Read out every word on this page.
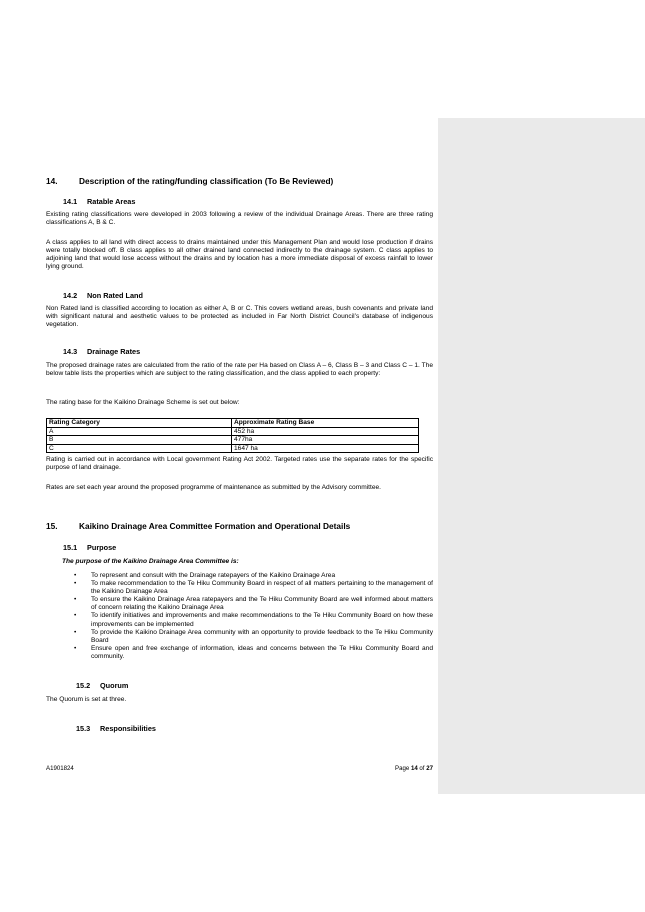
14.	Description of the rating/funding classification (To Be Reviewed)
14.1 Ratable Areas
Existing rating classifications were developed in 2003 following a review of the individual Drainage Areas. There are three rating classifications A, B & C.
A class applies to all land with direct access to drains maintained under this Management Plan and would lose production if drains were totally blocked off. B class applies to all other drained land connected indirectly to the drainage system. C class applies to adjoining land that would lose access without the drains and by location has a more immediate disposal of excess rainfall to lower lying ground.
14.2 Non Rated Land
Non Rated land is classified according to location as either A, B or C. This covers wetland areas, bush covenants and private land with significant natural and aesthetic values to be protected as included in Far North District Council’s database of indigenous vegetation.
14.3 Drainage Rates
The proposed drainage rates are calculated from the ratio of the rate per Ha based on Class A – 6, Class B – 3 and Class C – 1. The below table lists the properties which are subject to the rating classification, and the class applied to each property:
The rating base for the Kaikino Drainage Scheme is set out below:
Rating Category	Approximate Rating Base
A	452 ha
B	477ha
C	1647 ha
Rating is carried out in accordance with Local government Rating Act 2002. Targeted rates use the separate rates for the specific purpose of land drainage.
Rates are set each year around the proposed programme of maintenance as submitted by the Advisory committee.
15.	Kaikino Drainage Area Committee Formation and Operational Details
15.1 Purpose
The purpose of the Kaikino Drainage Area Committee is:
• To represent and consult with the Drainage ratepayers of the Kaikino Drainage Area
• To make recommendation to the Te Hiku Community Board in respect of all matters pertaining to the management of the Kaikino Drainage Area
• To ensure the Kaikino Drainage Area ratepayers and the Te Hiku Community Board are well informed about matters of concern relating the Kaikino Drainage Area
• To identify initiatives and improvements and make recommendations to the Te Hiku Community Board on how these improvements can be implemented
• To provide the Kaikino Drainage Area community with an opportunity to provide feedback to the Te Hiku Community Board
• Ensure open and free exchange of information, ideas and concerns between the Te Hiku Community Board and community.
15.2 Quorum
The Quorum is set at three.
15.3 Responsibilities
A1901824	Page 14 of 27
